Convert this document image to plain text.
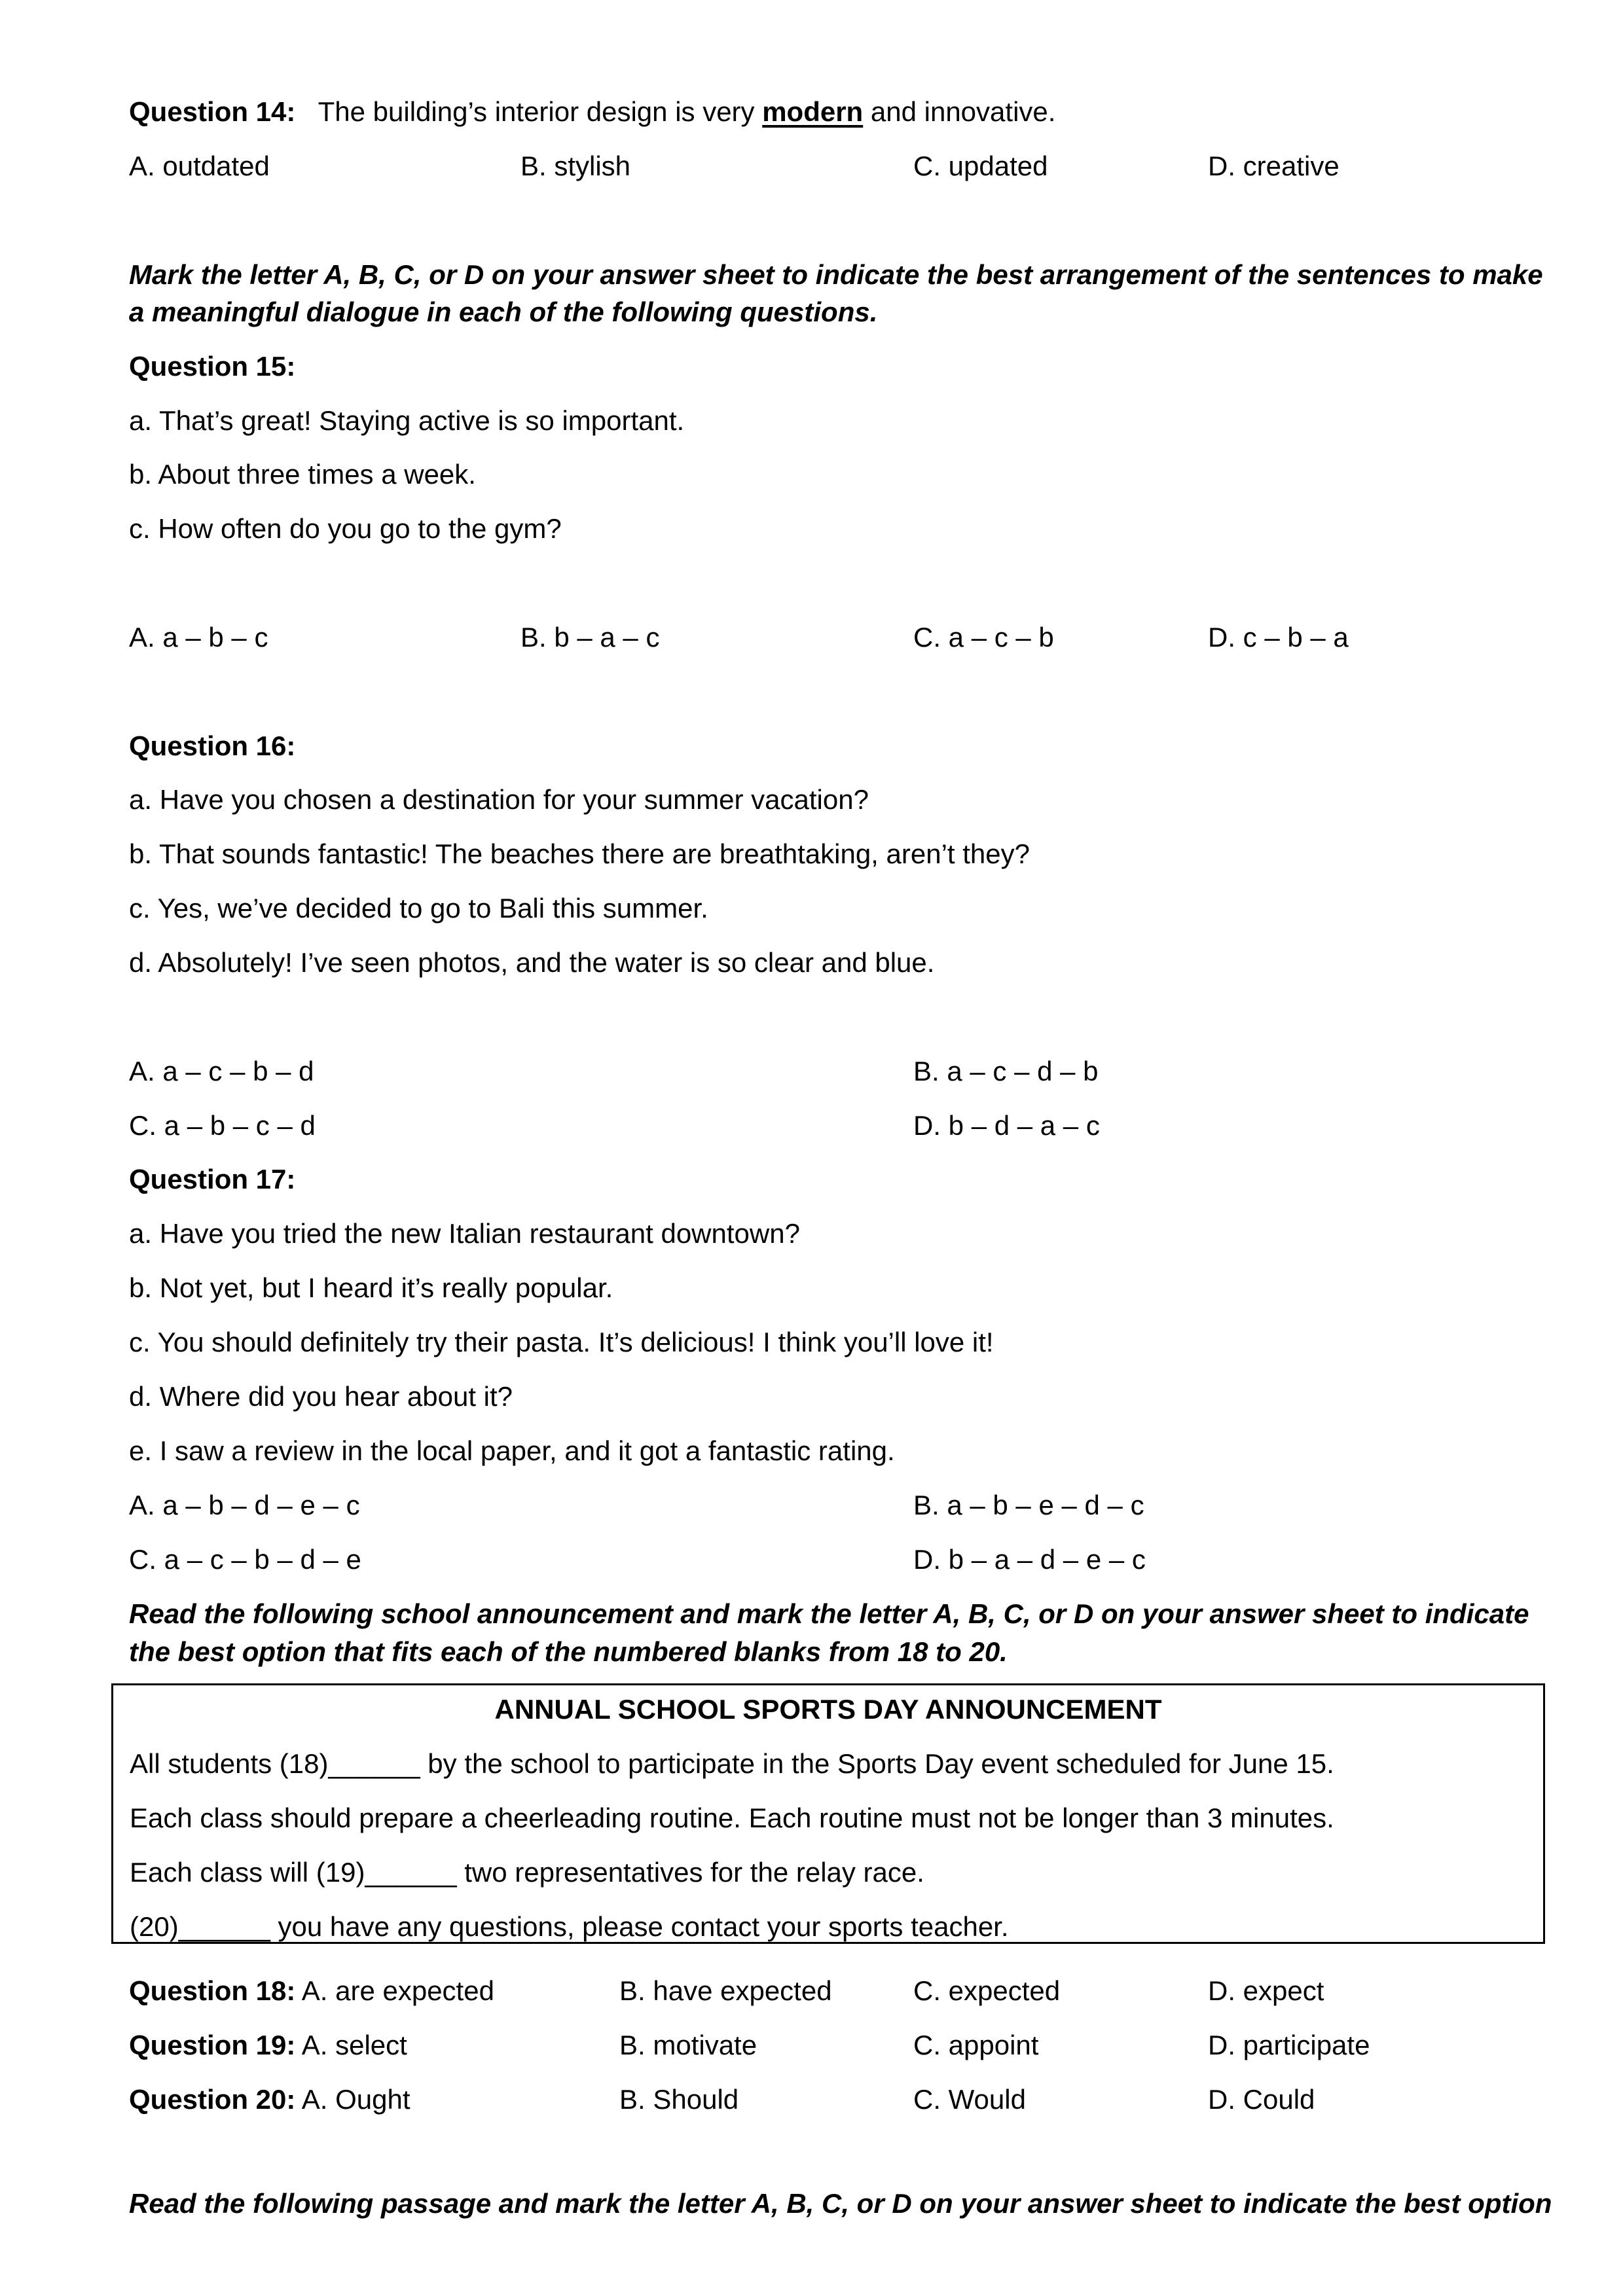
Question 14: The building’s interior design is very modern and innovative.
A. outdated	B. stylish	C. updated	D. creative
Mark the letter A, B, C, or D on your answer sheet to indicate the best arrangement of the sentences to make
a meaningful dialogue in each of the following questions.
Question 15:
a. That’s great! Staying active is so important.
b. About three times a week.
c. How often do you go to the gym?
A. a – b – c	B. b – a – c	C. a – c – b	D. c – b – a
Question 16:
a. Have you chosen a destination for your summer vacation?
b. That sounds fantastic! The beaches there are breathtaking, aren’t they?
c. Yes, we’ve decided to go to Bali this summer.
d. Absolutely! I’ve seen photos, and the water is so clear and blue.
A. a – c – b – d	B. a – c – d – b
C. a – b – c – d	D. b – d – a – c
Question 17:
a. Have you tried the new Italian restaurant downtown?
b. Not yet, but I heard it’s really popular.
c. You should definitely try their pasta. It’s delicious! I think you’ll love it!
d. Where did you hear about it?
e. I saw a review in the local paper, and it got a fantastic rating.
A. a – b – d – e – c	B. a – b – e – d – c
C. a – c – b – d – e	D. b – a – d – e – c
Read the following school announcement and mark the letter A, B, C, or D on your answer sheet to indicate
the best option that fits each of the numbered blanks from 18 to 20.
ANNUAL SCHOOL SPORTS DAY ANNOUNCEMENT
All students (18)______ by the school to participate in the Sports Day event scheduled for June 15.
Each class should prepare a cheerleading routine. Each routine must not be longer than 3 minutes.
Each class will (19)______ two representatives for the relay race.
(20)______ you have any questions, please contact your sports teacher.
Question 18: A. are expected	B. have expected	C. expected	D. expect
Question 19: A. select	B. motivate	C. appoint	D. participate
Question 20: A. Ought	B. Should	C. Would	D. Could
Read the following passage and mark the letter A, B, C, or D on your answer sheet to indicate the best option
